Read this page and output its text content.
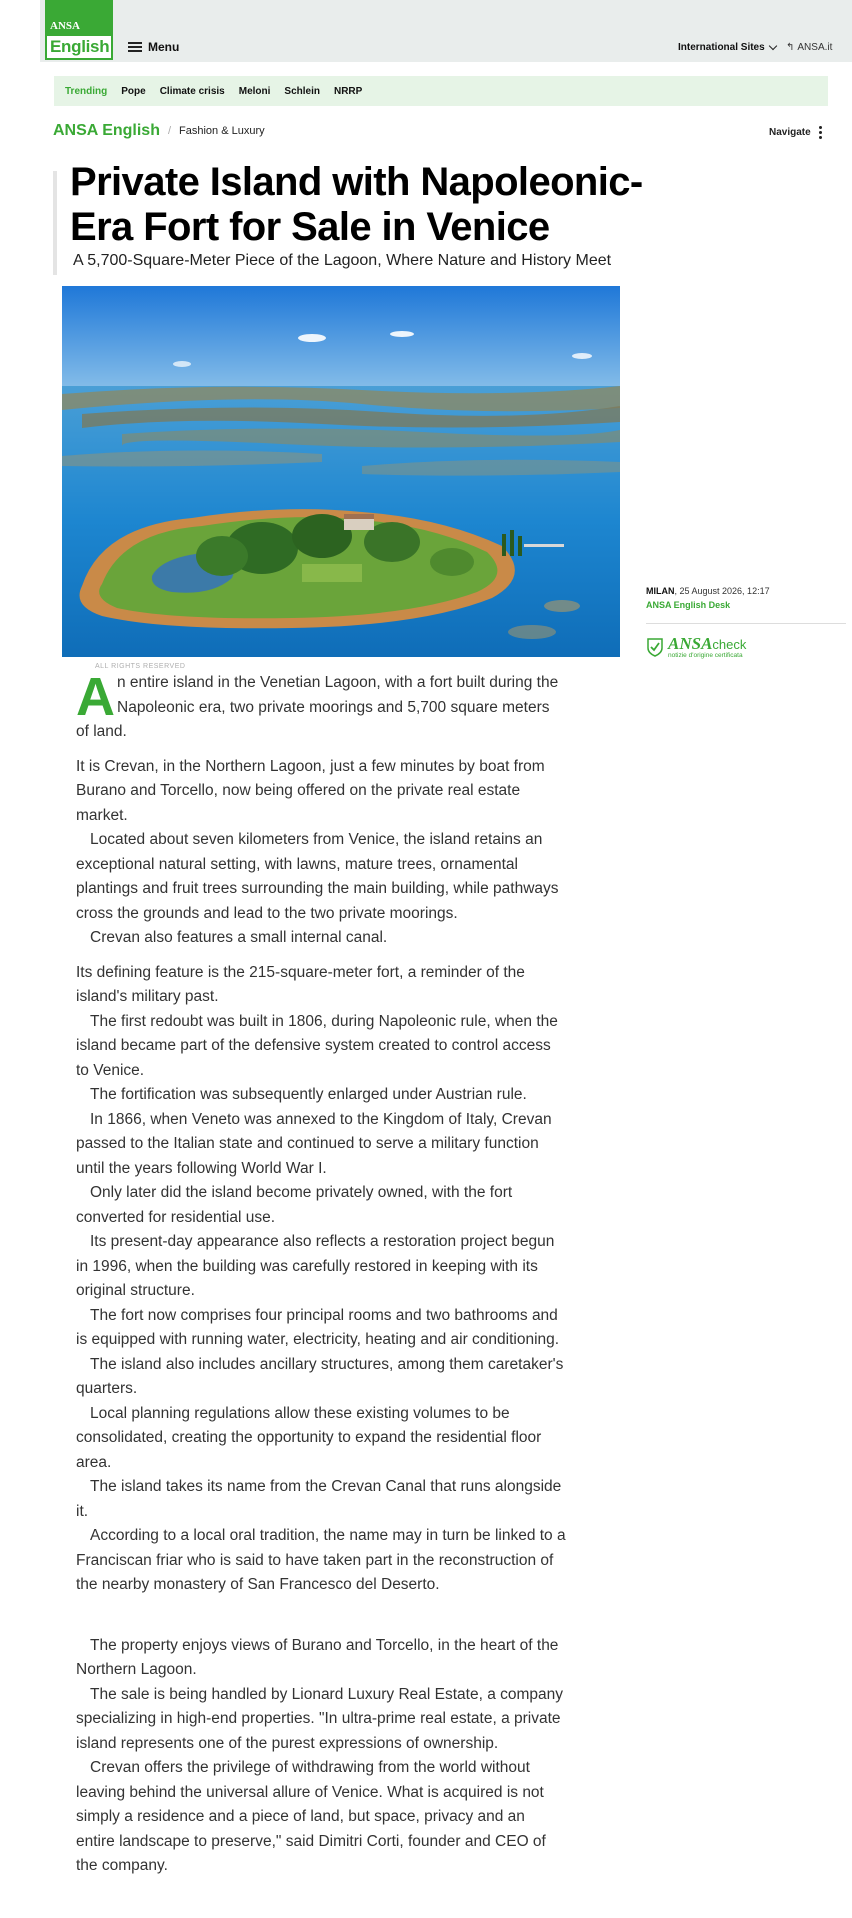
ANSA
English	Menu	International Sites ↰ ANSA.it
Trending Pope Climate crisis Meloni Schlein NRRP
ANSA English / Fashion & Luxury	Navigate
Private Island with Napoleonic-Era Fort for Sale in Venice
A 5,700-Square-Meter Piece of the Lagoon, Where Nature and History Meet
ALL RIGHTS RESERVED
MILAN, 25 August 2026, 12:17
ANSA English Desk
ANSAcheck
notizie d'origine certificata

An entire island in the Venetian Lagoon, with a fort built during the Napoleonic era, two private moorings and 5,700 square meters of land.

It is Crevan, in the Northern Lagoon, just a few minutes by boat from Burano and Torcello, now being offered on the private real estate market.

Located about seven kilometers from Venice, the island retains an exceptional natural setting, with lawns, mature trees, ornamental plantings and fruit trees surrounding the main building, while pathways cross the grounds and lead to the two private moorings.

Crevan also features a small internal canal.

Its defining feature is the 215-square-meter fort, a reminder of the island's military past.

The first redoubt was built in 1806, during Napoleonic rule, when the island became part of the defensive system created to control access to Venice.

The fortification was subsequently enlarged under Austrian rule.

In 1866, when Veneto was annexed to the Kingdom of Italy, Crevan passed to the Italian state and continued to serve a military function until the years following World War I.

Only later did the island become privately owned, with the fort converted for residential use.

Its present-day appearance also reflects a restoration project begun in 1996, when the building was carefully restored in keeping with its original structure.

The fort now comprises four principal rooms and two bathrooms and is equipped with running water, electricity, heating and air conditioning.

The island also includes ancillary structures, among them caretaker's quarters.

Local planning regulations allow these existing volumes to be consolidated, creating the opportunity to expand the residential floor area.

The island takes its name from the Crevan Canal that runs alongside it.

According to a local oral tradition, the name may in turn be linked to a Franciscan friar who is said to have taken part in the reconstruction of the nearby monastery of San Francesco del Deserto.

The property enjoys views of Burano and Torcello, in the heart of the Northern Lagoon.

The sale is being handled by Lionard Luxury Real Estate, a company specializing in high-end properties. "In ultra-prime real estate, a private island represents one of the purest expressions of ownership.

Crevan offers the privilege of withdrawing from the world without leaving behind the universal allure of Venice. What is acquired is not simply a residence and a piece of land, but space, privacy and an entire landscape to preserve," said Dimitri Corti, founder and CEO of the company.
